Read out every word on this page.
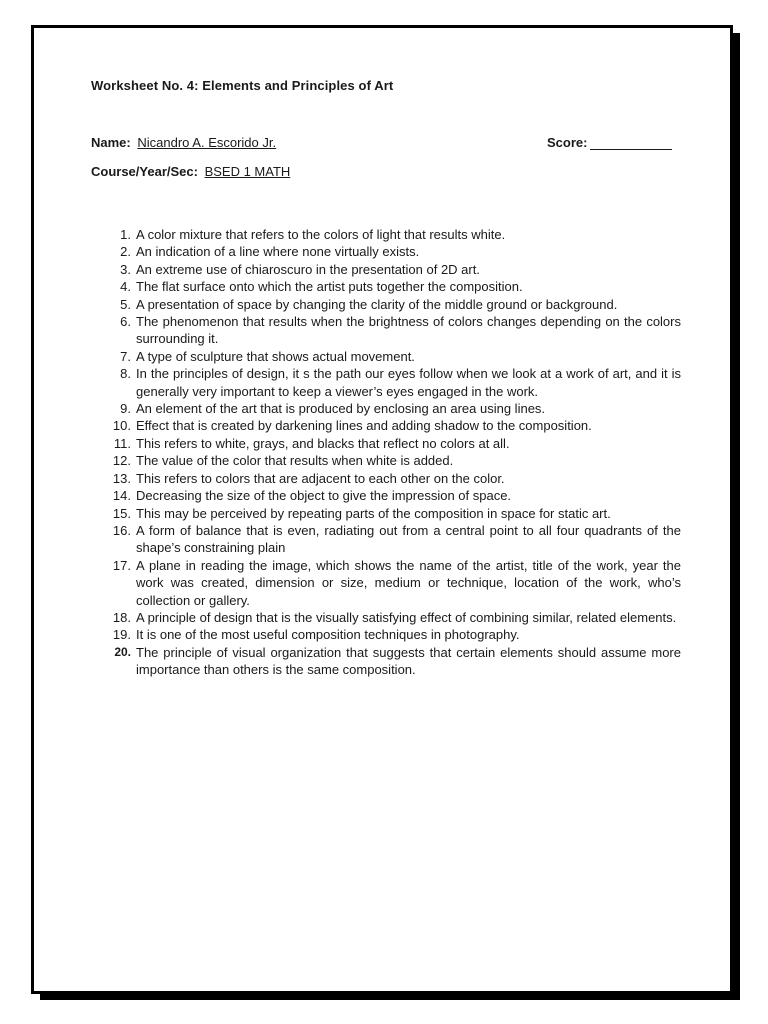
Worksheet No. 4: Elements and Principles of Art
Name: Nicandro A. Escorido Jr.	Score:
Course/Year/Sec: BSED 1 MATH
1. A color mixture that refers to the colors of light that results white.
2. An indication of a line where none virtually exists.
3. An extreme use of chiaroscuro in the presentation of 2D art.
4. The flat surface onto which the artist puts together the composition.
5. A presentation of space by changing the clarity of the middle ground or background.
6. The phenomenon that results when the brightness of colors changes depending on the colors surrounding it.
7. A type of sculpture that shows actual movement.
8. In the principles of design, it s the path our eyes follow when we look at a work of art, and it is generally very important to keep a viewer’s eyes engaged in the work.
9. An element of the art that is produced by enclosing an area using lines.
10. Effect that is created by darkening lines and adding shadow to the composition.
11. This refers to white, grays, and blacks that reflect no colors at all.
12. The value of the color that results when white is added.
13. This refers to colors that are adjacent to each other on the color.
14. Decreasing the size of the object to give the impression of space.
15. This may be perceived by repeating parts of the composition in space for static art.
16. A form of balance that is even, radiating out from a central point to all four quadrants of the shape’s constraining plain
17. A plane in reading the image, which shows the name of the artist, title of the work, year the work was created, dimension or size, medium or technique, location of the work, who’s collection or gallery.
18. A principle of design that is the visually satisfying effect of combining similar, related elements.
19. It is one of the most useful composition techniques in photography.
20. The principle of visual organization that suggests that certain elements should assume more importance than others is the same composition.
